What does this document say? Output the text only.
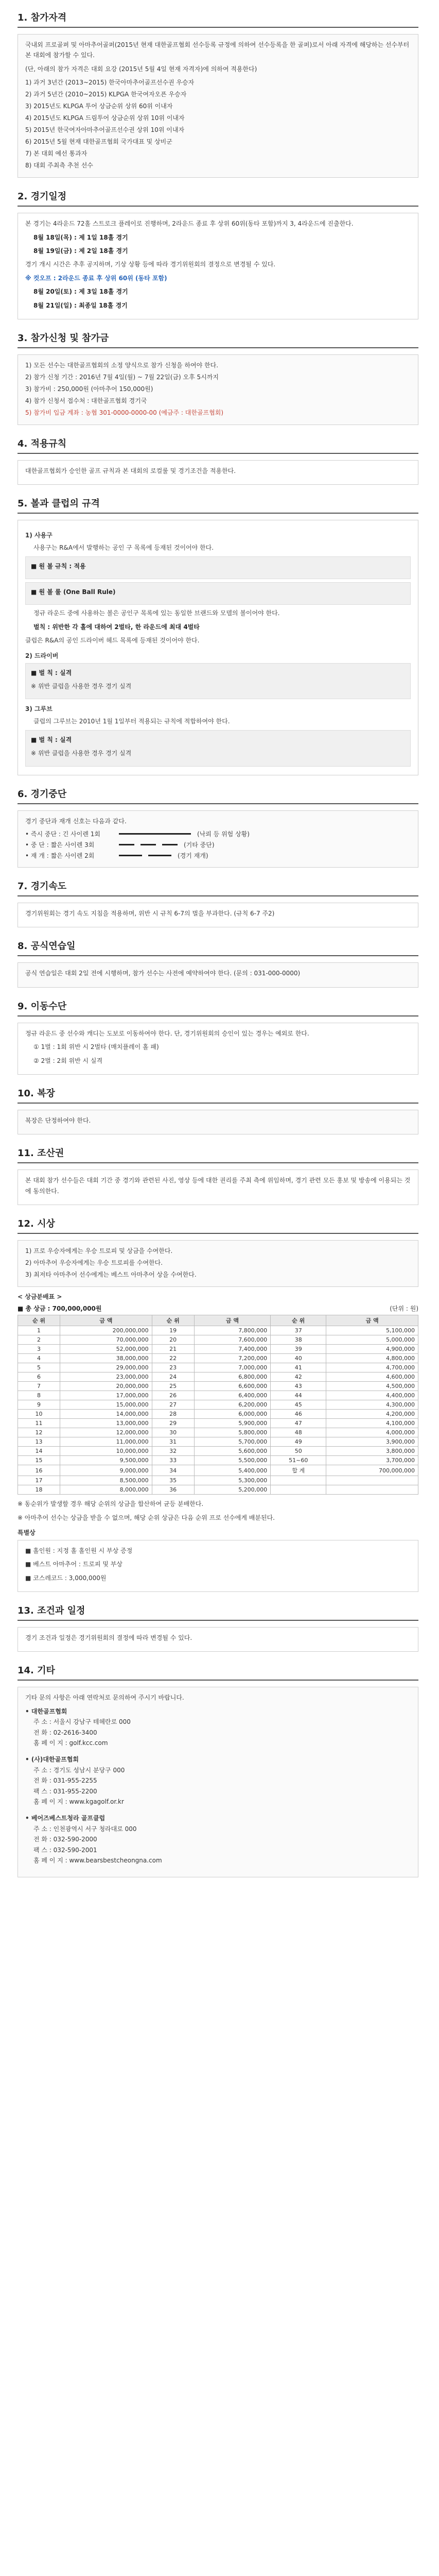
1. 참가자격

국내외 프로골퍼 및 아마추어골퍼(2015년 현재 대한골프협회 선수등록 규정에 의하여 선수등록을 한 골퍼)로서 아래 자격에 해당하는 선수부터 본 대회에 참가할 수 있다.

(단, 아래의 참가 자격은 대회 요강 (2015년 5월 4일 현재 자격자)에 의하여 적용한다)

1) 과거 3년간 (2013~2015) 한국아마추어골프선수권 우승자
2) 과거 5년간 (2010~2015) KLPGA 한국여자오픈 우승자
3) 2015년도 KLPGA 투어 상금순위 상위 60위 이내자
4) 2015년도 KLPGA 드림투어 상금순위 상위 10위 이내자
5) 2015년 한국여자아마추어골프선수권 상위 10위 이내자
6) 2015년 5월 현재 대한골프협회 국가대표 및 상비군
7) 본 대회 예선 통과자
8) 대회 주최측 추천 선수
2. 경기일정

본 경기는 4라운드 72홀 스트로크 플레이로 진행하며, 2라운드 종료 후 상위 60위(동타 포함)까지 3, 4라운드에 진출한다.

8월 18일(목) : 제 1일 18홀 경기

8월 19일(금) : 제 2일 18홀 경기

경기 개시 시간은 추후 공지하며, 기상 상황 등에 따라 경기위원회의 결정으로 변경될 수 있다.

※ 컷오프 : 2라운드 종료 후 상위 60위 (동타 포함)

8월 20일(토) : 제 3일 18홀 경기

8월 21일(일) : 최종일 18홀 경기

3. 참가신청 및 참가금
1) 모든 선수는 대한골프협회의 소정 양식으로 참가 신청을 하여야 한다.
2) 참가 신청 기간 : 2016년 7월 4일(월) ~ 7월 22일(금) 오후 5시까지
3) 참가비 : 250,000원 (아마추어 150,000원)
4) 참가 신청서 접수처 : 대한골프협회 경기국
5) 참가비 입금 계좌 : 농협 301-0000-0000-00 (예금주 : 대한골프협회)
4. 적용규칙

대한골프협회가 승인한 골프 규칙과 본 대회의 로컬룰 및 경기조건을 적용한다.

5. 볼과 클럽의 규격
1) 사용구

사용구는 R&A에서 발행하는 공인 구 목록에 등재된 것이어야 한다.

■ 원 볼 규칙 : 적용

■ 원 볼 룰 (One Ball Rule)

정규 라운드 중에 사용하는 볼은 공인구 목록에 있는 동일한 브랜드와 모델의 볼이어야 한다.

벌칙 : 위반한 각 홀에 대하여 2벌타, 한 라운드에 최대 4벌타

클럽은 R&A의 공인 드라이버 헤드 목록에 등재된 것이어야 한다.

2) 드라이버

■ 벌 칙 : 실격

※ 위반 클럽을 사용한 경우 경기 실격

3) 그루브

클럽의 그루브는 2010년 1월 1일부터 적용되는 규칙에 적합하여야 한다.

■ 벌 칙 : 실격

※ 위반 클럽을 사용한 경우 경기 실격

6. 경기중단

경기 중단과 재개 신호는 다음과 같다.

• 즉시 중단 : 긴 사이렌 1회	(낙뢰 등 위험 상황)
• 중 단 : 짧은 사이렌 3회	(기타 중단)
• 재 개 : 짧은 사이렌 2회	(경기 재개)
7. 경기속도

경기위원회는 경기 속도 지침을 적용하며, 위반 시 규칙 6-7의 벌을 부과한다. (규칙 6-7 주2)

8. 공식연습일

공식 연습일은 대회 2일 전에 시행하며, 참가 선수는 사전에 예약하여야 한다. (문의 : 031-000-0000)

9. 이동수단

정규 라운드 중 선수와 캐디는 도보로 이동하여야 한다. 단, 경기위원회의 승인이 있는 경우는 예외로 한다.

① 1벌 : 1회 위반 시 2벌타 (매치플레이 홀 패)

② 2벌 : 2회 위반 시 실격

10. 복장

복장은 단정하여야 한다.

11. 조산권

본 대회 참가 선수들은 대회 기간 중 경기와 관련된 사진, 영상 등에 대한 권리를 주최 측에 위임하며, 경기 관련 모든 홍보 및 방송에 이용되는 것에 동의한다.

12. 시상
1) 프로 우승자에게는 우승 트로피 및 상금을 수여한다.
2) 아마추어 우승자에게는 우승 트로피를 수여한다.
3) 최저타 아마추어 선수에게는 베스트 아마추어 상을 수여한다.
< 상금분배표 >
■ 총 상금 : 700,000,000원	(단위 : 원)
순 위	금 액	순 위	금 액	순 위	금 액
1	200,000,000	19	7,800,000	37	5,100,000
2	70,000,000	20	7,600,000	38	5,000,000
3	52,000,000	21	7,400,000	39	4,900,000
4	38,000,000	22	7,200,000	40	4,800,000
5	29,000,000	23	7,000,000	41	4,700,000
6	23,000,000	24	6,800,000	42	4,600,000
7	20,000,000	25	6,600,000	43	4,500,000
8	17,000,000	26	6,400,000	44	4,400,000
9	15,000,000	27	6,200,000	45	4,300,000
10	14,000,000	28	6,000,000	46	4,200,000
11	13,000,000	29	5,900,000	47	4,100,000
12	12,000,000	30	5,800,000	48	4,000,000
13	11,000,000	31	5,700,000	49	3,900,000
14	10,000,000	32	5,600,000	50	3,800,000
15	9,500,000	33	5,500,000	51~60	3,700,000
16	9,000,000	34	5,400,000	합 계	700,000,000
17	8,500,000	35	5,300,000		
18	8,000,000	36	5,200,000		

※ 동순위가 발생할 경우 해당 순위의 상금을 합산하여 균등 분배한다.

※ 아마추어 선수는 상금을 받을 수 없으며, 해당 순위 상금은 다음 순위 프로 선수에게 배분된다.

특별상

■ 홀인원 : 지정 홀 홀인원 시 부상 증정

■ 베스트 아마추어 : 트로피 및 부상

■ 코스레코드 : 3,000,000원

13. 조건과 일정

경기 조건과 일정은 경기위원회의 결정에 따라 변경될 수 있다.

14. 기타

기타 문의 사항은 아래 연락처로 문의하여 주시기 바랍니다.

• 대한골프협회
주 소 : 서울시 강남구 테헤란로 000
전 화 : 02-2616-3400
홈 페 이 지 : golf.kcc.com
• (사)대한골프협회
주 소 : 경기도 성남시 분당구 000
전 화 : 031-955-2255
팩 스 : 031-955-2200
홈 페 이 지 : www.kgagolf.or.kr
• 베어즈베스트청라 골프클럽
주 소 : 인천광역시 서구 청라대로 000
전 화 : 032-590-2000
팩 스 : 032-590-2001
홈 페 이 지 : www.bearsbestcheongna.com
